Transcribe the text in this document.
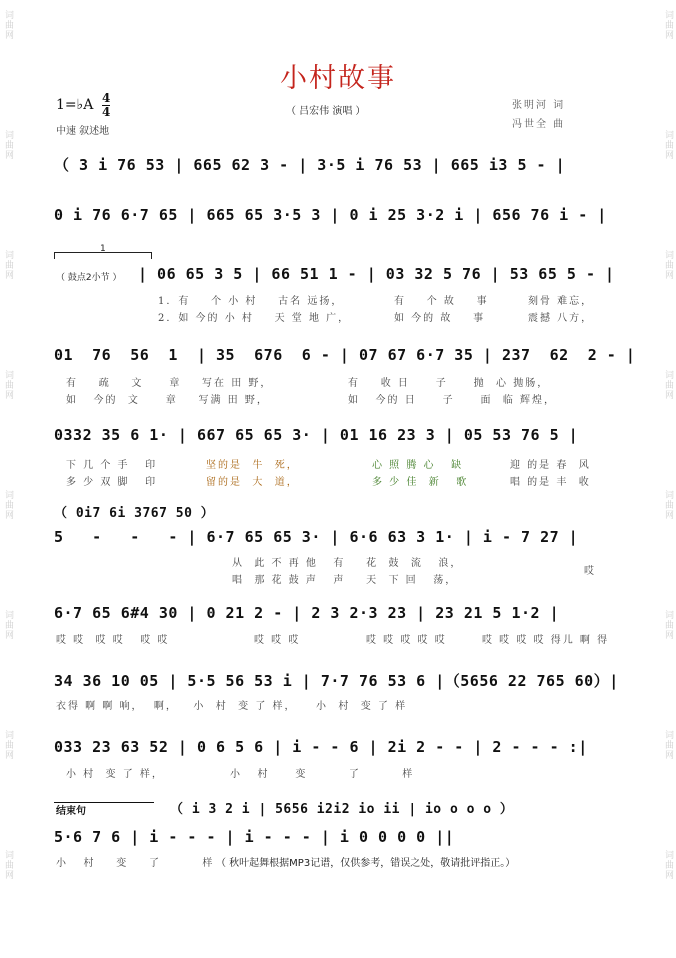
词曲网
词曲网
词曲网
词曲网
词曲网
词曲网
词曲网
词曲网
词曲网
词曲网
词曲网
词曲网
词曲网
词曲网
词曲网
词曲网
小村故事
1=♭A 4
4
中速 叙述地
（ 吕宏伟 演唱 ）
张明河 词
冯世全 曲
（ 3 i 76 53 | 665 62 3 - | 3·5 i 76 53 | 665 i3 5 - |
0 i 76 6·7 65 | 665 65 3·5 3 | 0 i 25 3·2 i | 656 76 i - |
1
（ 鼓点2小节 ） | 06 65 3 5 | 66 51 1 - | 03 32 5 76 | 53 65 5 - |
1．有    个 小 村    古名 远扬，	有    个 故    事	刻骨 难忘，
2．如 今的 小 村    天 堂 地 广，	如 今的 故    事	震撼 八方，
01  76  56  1  | 35  676  6 - | 07 67 6·7 35 | 237  62  2 - |
有    疏    文     章    写在 田 野，	有    收 日     子     抛  心 抛肠，
如   今的  文     章    写满 田 野，	如   今的 日     子     面  临 辉煌，
0332 35 6 1· | 667 65 65 3· | 01 16 23 3 | 05 53 76 5 |
下 几 个 手   印	坚的是  牛  死，	心 照 腾 心   缺	迎 的是 春  风
多 少 双 脚   印	留的是  大  道，	多 少 佳  新   歌	唱 的是 丰  收
（ 0i7 6i 3767 50 ）
5   -   -   - | 6·7 65 65 3· | 6·6 63 3 1· | i - 7 27 |
从  此 不 再 他   有    花  鼓  流   浪，
唱  那 花 鼓 声   声    天  下 回   荡，
哎
6·7 65 6#4 30 | 0 21 2 - | 2 3 2·3 23 | 23 21 5 1·2 |
哎 哎  哎 哎   哎 哎	哎 哎 哎	哎 哎 哎 哎 哎	哎 哎 哎 哎 得儿 啊 得
34 36 10 05 | 5·5 56 53 i | 7·7 76 53 6 |（5656 22 765 60）|
衣得 啊 啊 响，  啊，   小  村  变 了 样， 小  村  变 了 样
033 23 63 52 | 0 6 5 6 | i - - 6 | 2i 2 - - | 2 - - - :|
小 村  变 了 样，	小   村     变        了        样
结束句	（ i 3 2 i | 5656 i2i2 io ii | io o o o ）
5·6 7 6 | i - - - | i - - - | i 0 0 0 0 ||
小   村    变    了        样 （ 秋叶起舞根据MP3记谱，仅供参考，错误之处，敬请批评指正。）
